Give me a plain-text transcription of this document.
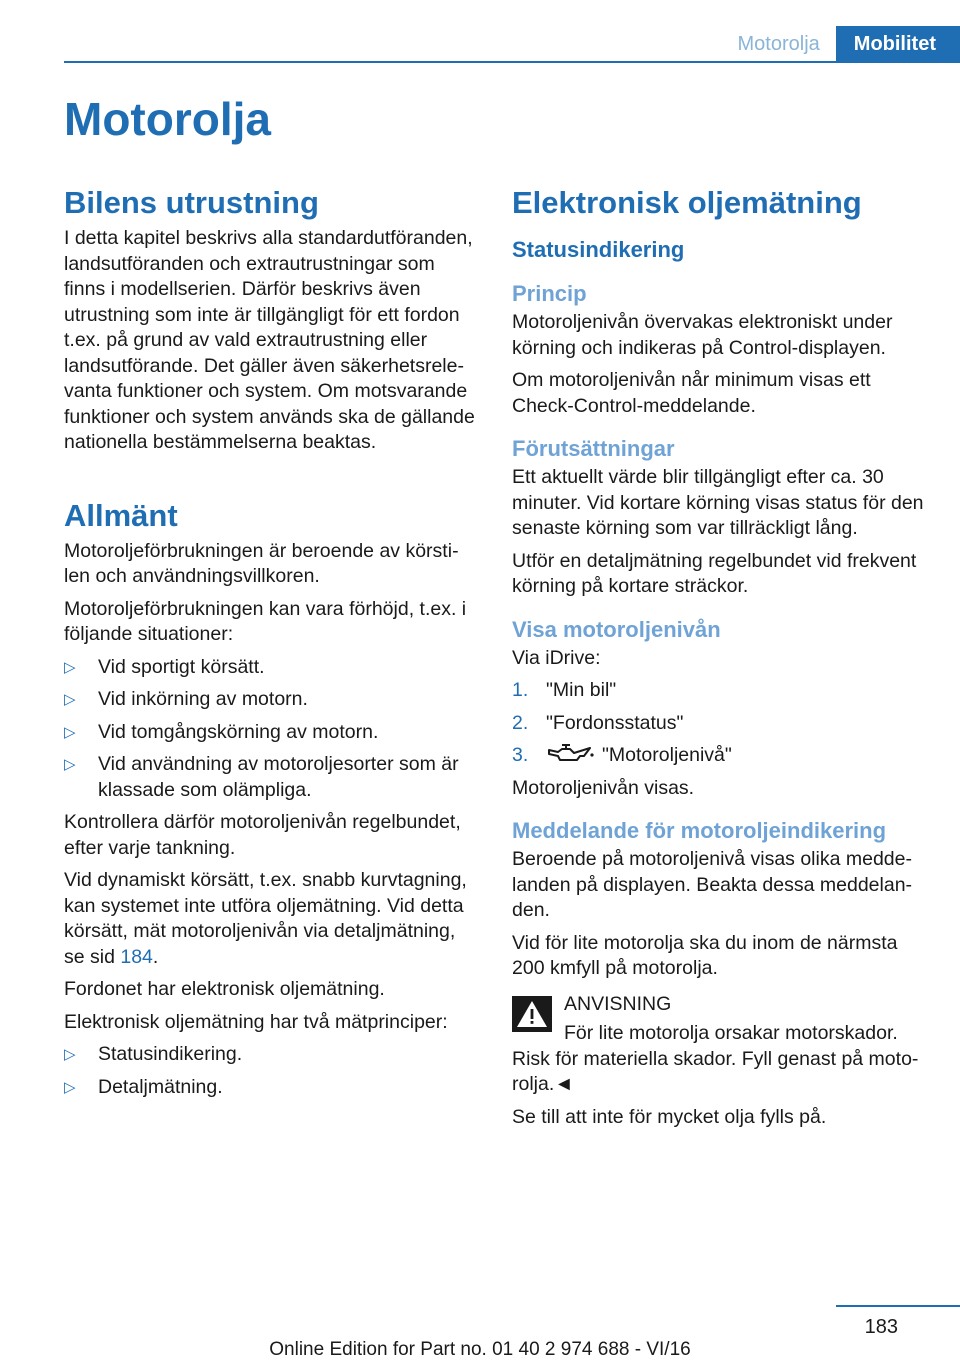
Motorolja	Mobilitet
Motorolja
Bilens utrustning

I detta kapitel beskrivs alla standardutföranden, landsutföranden och extrautrustningar som finns i modellserien. Därför beskrivs även utrustning som inte är tillgängligt för ett fordon t.ex. på grund av vald extrautrustning eller landsutförande. Det gäller även säkerhetsrelevanta funktioner och system. Om motsvarande funktioner och system används ska de gällande nationella bestämmelserna beaktas.

Allmänt

Motoroljeförbrukningen är beroende av körstilen och användningsvillkoren.

Motoroljeförbrukningen kan vara förhöjd, t.ex. i följande situationer:

▷	Vid sportigt körsätt.
▷	Vid inkörning av motorn.
▷	Vid tomgångskörning av motorn.
▷	Vid användning av motoroljesorter som är klassade som olämpliga.

Kontrollera därför motoroljenivån regelbundet, efter varje tankning.

Vid dynamiskt körsätt, t.ex. snabb kurvtagning, kan systemet inte utföra oljemätning. Vid detta körsätt, mät motoroljenivån via detaljmätning, se sid 184.

Fordonet har elektronisk oljemätning.

Elektronisk oljemätning har två mätprinciper:

▷	Statusindikering.
▷	Detaljmätning.
Elektronisk oljemätning
Statusindikering
Princip

Motoroljenivån övervakas elektroniskt under körning och indikeras på Control-displayen.

Om motoroljenivån når minimum visas ett Check-Control-meddelande.

Förutsättningar

Ett aktuellt värde blir tillgängligt efter ca. 30 minuter. Vid kortare körning visas status för den senaste körning som var tillräckligt lång.

Utför en detaljmätning regelbundet vid frekvent körning på kortare sträckor.

Visa motoroljenivån

Via iDrive:

1. "Min bil"
2. "Fordonsstatus"
3.	"Motoroljenivå"

Motoroljenivån visas.

Meddelande för motoroljeindikering

Beroende på motoroljenivå visas olika meddelanden på displayen. Beakta dessa meddelanden.

Vid för lite motorolja ska du inom de närmsta 200 kmfyll på motorolja.

ANVISNING

För lite motorolja orsakar motorskador. Risk för materiella skador. Fyll genast på motorolja.◄

Se till att inte för mycket olja fylls på.

183
Online Edition for Part no. 01 40 2 974 688 - VI/16
